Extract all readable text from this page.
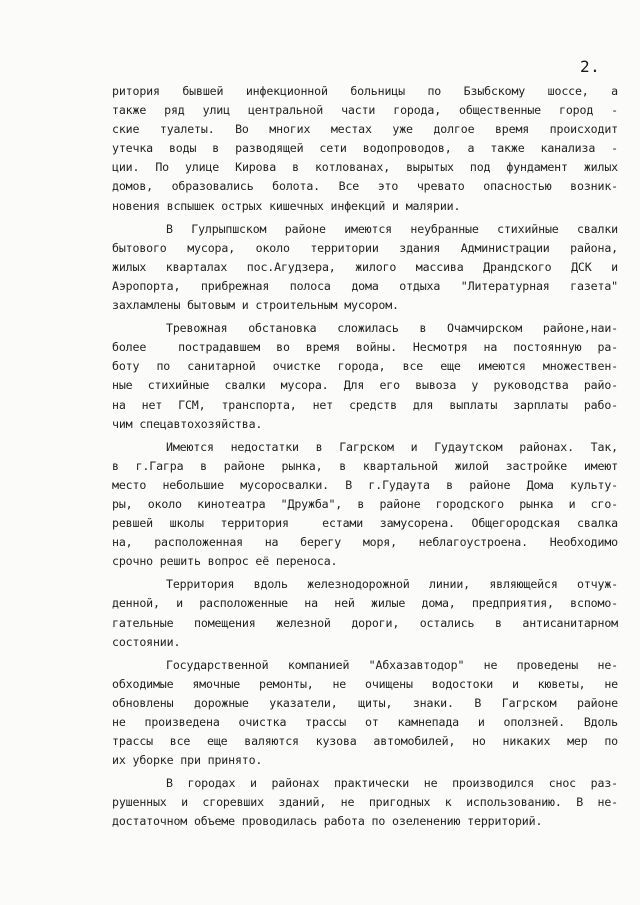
2.
ритория бывшей инфекционной больницы по Бзыбскому шоссе, а
также ряд улиц центральной части города, общественные город -
ские туалеты. Во многих местах уже долгое время происходит
утечка воды в разводящей сети водопроводов, а также канализа -
ции. По улице Кирова в котлованах, вырытых под фундамент жилых
домов, образовались болота. Все это чревато опасностью возник-
новения вспышек острых кишечных инфекций и малярии.
В Гулрыпшском районе имеются неубранные стихийные свалки
бытового мусора, около территории здания Администрации района,
жилых кварталах пос.Агудзера, жилого массива Драндского ДСК и
Аэропорта, прибрежная полоса дома отдыха "Литературная газета"
захламлены бытовым и строительным мусором.
Тревожная обстановка сложилась в Очамчирском районе,наи-
более  пострадавшем во время войны. Несмотря на постоянную ра-
боту по санитарной очистке города, все еще имеются множествен-
ные стихийные свалки мусора. Для его вывоза у руководства райо-
на нет ГСМ, транспорта, нет средств для выплаты зарплаты рабо-
чим спецавтохозяйства.
Имеются недостатки в Гагрском и Гудаутском районах. Так,
в г.Гагра в районе рынка, в квартальной жилой застройке имеют
место небольшие мусоросвалки. В г.Гудаута в районе Дома культу-
ры, около кинотеатра "Дружба", в районе городского рынка и сго-
ревшей школы территория  естами замусорена. Общегородская свалка
на, расположенная на берегу моря, неблагоустроена. Необходимо
срочно решить вопрос её переноса.
Территория вдоль железнодорожной линии, являющейся отчуж-
денной, и расположенные на ней жилые дома, предприятия, вспомо-
гательные помещения железной дороги, остались в антисанитарном
состоянии.
Государственной компанией "Абхазавтодор" не проведены не-
обходимые ямочные ремонты, не очищены водостоки и кюветы, не
обновлены дорожные указатели, щиты, знаки. В Гагрском районе
не произведена очистка трассы от камнепада и оползней. Вдоль
трассы все еще валяются кузова автомобилей, но никаких мер по
их уборке при принято.
В городах и районах практически не производился снос раз-
рушенных и сгоревших зданий, не пригодных к использованию. В не-
достаточном объеме проводилась работа по озеленению территорий.
